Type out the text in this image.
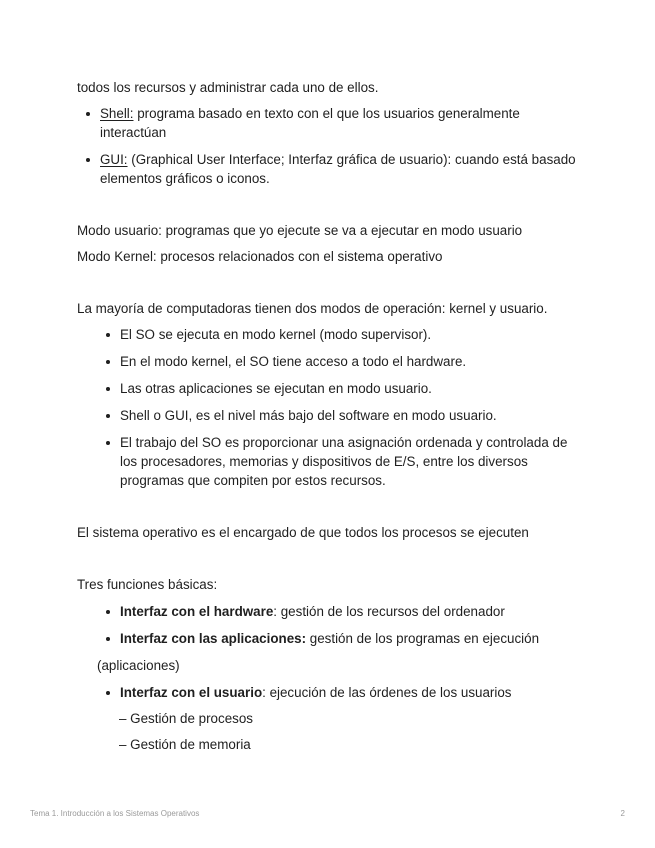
todos los recursos y administrar cada uno de ellos.

Shell: programa basado en texto con el que los usuarios generalmente interactúan
GUI: (Graphical User Interface; Interfaz gráfica de usuario): cuando está basado elementos gráficos o iconos.

Modo usuario: programas que yo ejecute se va a ejecutar en modo usuario

Modo Kernel: procesos relacionados con el sistema operativo

La mayoría de computadoras tienen dos modos de operación: kernel y usuario.

El SO se ejecuta en modo kernel (modo supervisor).
En el modo kernel, el SO tiene acceso a todo el hardware.
Las otras aplicaciones se ejecutan en modo usuario.
Shell o GUI, es el nivel más bajo del software en modo usuario.
El trabajo del SO es proporcionar una asignación ordenada y controlada de los procesadores, memorias y dispositivos de E/S, entre los diversos programas que compiten por estos recursos.

El sistema operativo es el encargado de que todos los procesos se ejecuten

Tres funciones básicas:

Interfaz con el hardware: gestión de los recursos del ordenador
Interfaz con las aplicaciones: gestión de los programas en ejecución

(aplicaciones)

Interfaz con el usuario: ejecución de las órdenes de los usuarios

– Gestión de procesos

– Gestión de memoria

Tema 1. Introducción a los Sistemas Operativos	2
